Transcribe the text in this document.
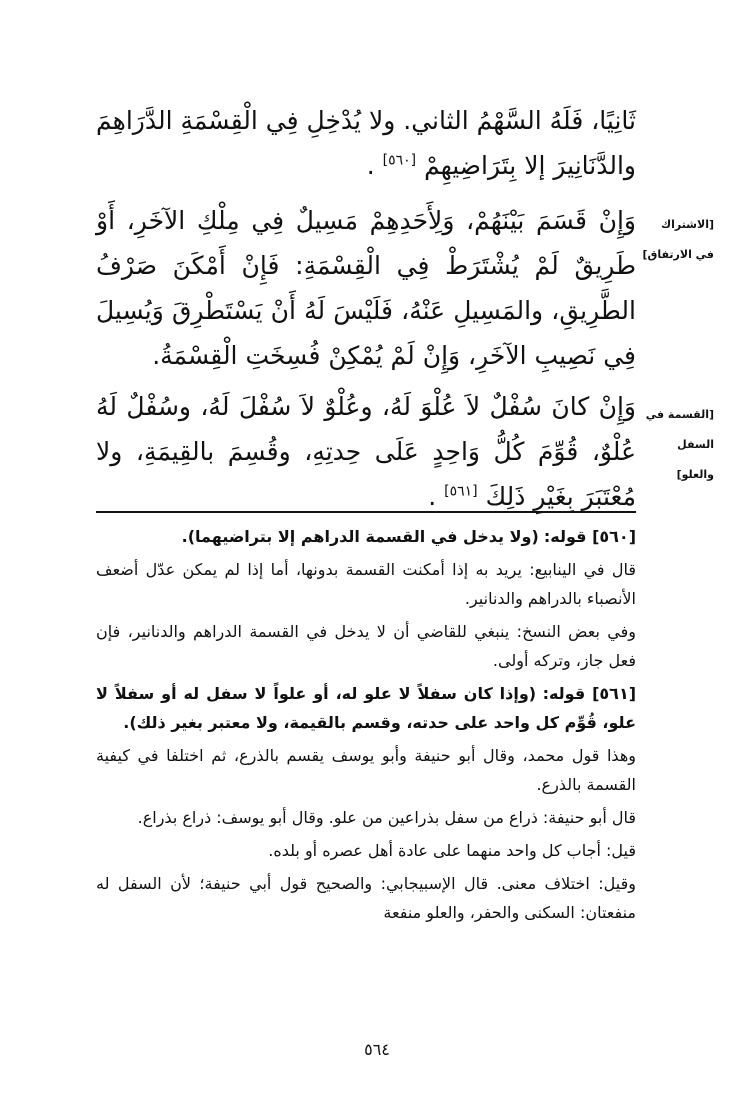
ثَانِيًا، فَلَهُ السَّهْمُ الثاني. ولا يُدْخِلِ فِي الْقِسْمَةِ الدَّرَاهِمَ والدَّنَانِيرَ إلا بِتَرَاضِيهِمْ [٥٦٠] .

وَإِنْ قَسَمَ بَيْنَهُمْ، وَلِأَحَدِهِمْ مَسِيلٌ فِي مِلْكِ الآخَرِ، أَوْ طَرِيقٌ لَمْ يُشْتَرَطْ فِي الْقِسْمَةِ: فَإِنْ أَمْكَنَ صَرْفُ الطَّرِيقِ، والمَسِيلِ عَنْهُ، فَلَيْسَ لَهُ أَنْ يَسْتَطْرِقَ وَيُسِيلَ فِي نَصِيبِ الآخَرِ، وَإِنْ لَمْ يُمْكِنْ فُسِخَتِ الْقِسْمَةُ.

وَإِنْ كانَ سُفْلٌ لاَ عُلْوَ لَهُ، وعُلْوٌ لاَ سُفْلَ لَهُ، وسُفْلٌ لَهُ عُلْوٌ، قُوِّمَ كُلُّ وَاحِدٍ عَلَى حِدتِهِ، وقُسِمَ بالقِيمَةِ، ولا مُعْتَبَرَ بِغَيْرِ ذَلِكَ [٥٦١] .

[الاشتراك في الارتفاق]
[القسمة في السفل والعلو]

[٥٦٠] قوله: (ولا يدخل في القسمة الدراهم إلا بتراضيهما).

قال في الينابيع: يريد به إذا أمكنت القسمة بدونها، أما إذا لم يمكن عدّل أضعف الأنصباء بالدراهم والدنانير.

وفي بعض النسخ: ينبغي للقاضي أن لا يدخل في القسمة الدراهم والدنانير، فإن فعل جاز، وتركه أولى.

[٥٦١] قوله: (وإذا كان سفلاً لا علو له، أو علواً لا سفل له أو سفلاً لا علو، قُوِّم كل واحد على حدته، وقسم بالقيمة، ولا معتبر بغير ذلك).

وهذا قول محمد، وقال أبو حنيفة وأبو يوسف يقسم بالذرع، ثم اختلفا في كيفية القسمة بالذرع.

قال أبو حنيفة: ذراع من سفل بذراعين من علو. وقال أبو يوسف: ذراع بذراع.

قيل: أجاب كل واحد منهما على عادة أهل عصره أو بلده.

وقيل: اختلاف معنى. قال الإسبيجابي: والصحيح قول أبي حنيفة؛ لأن السفل له منفعتان: السكنى والحفر، والعلو منفعة

٥٦٤
